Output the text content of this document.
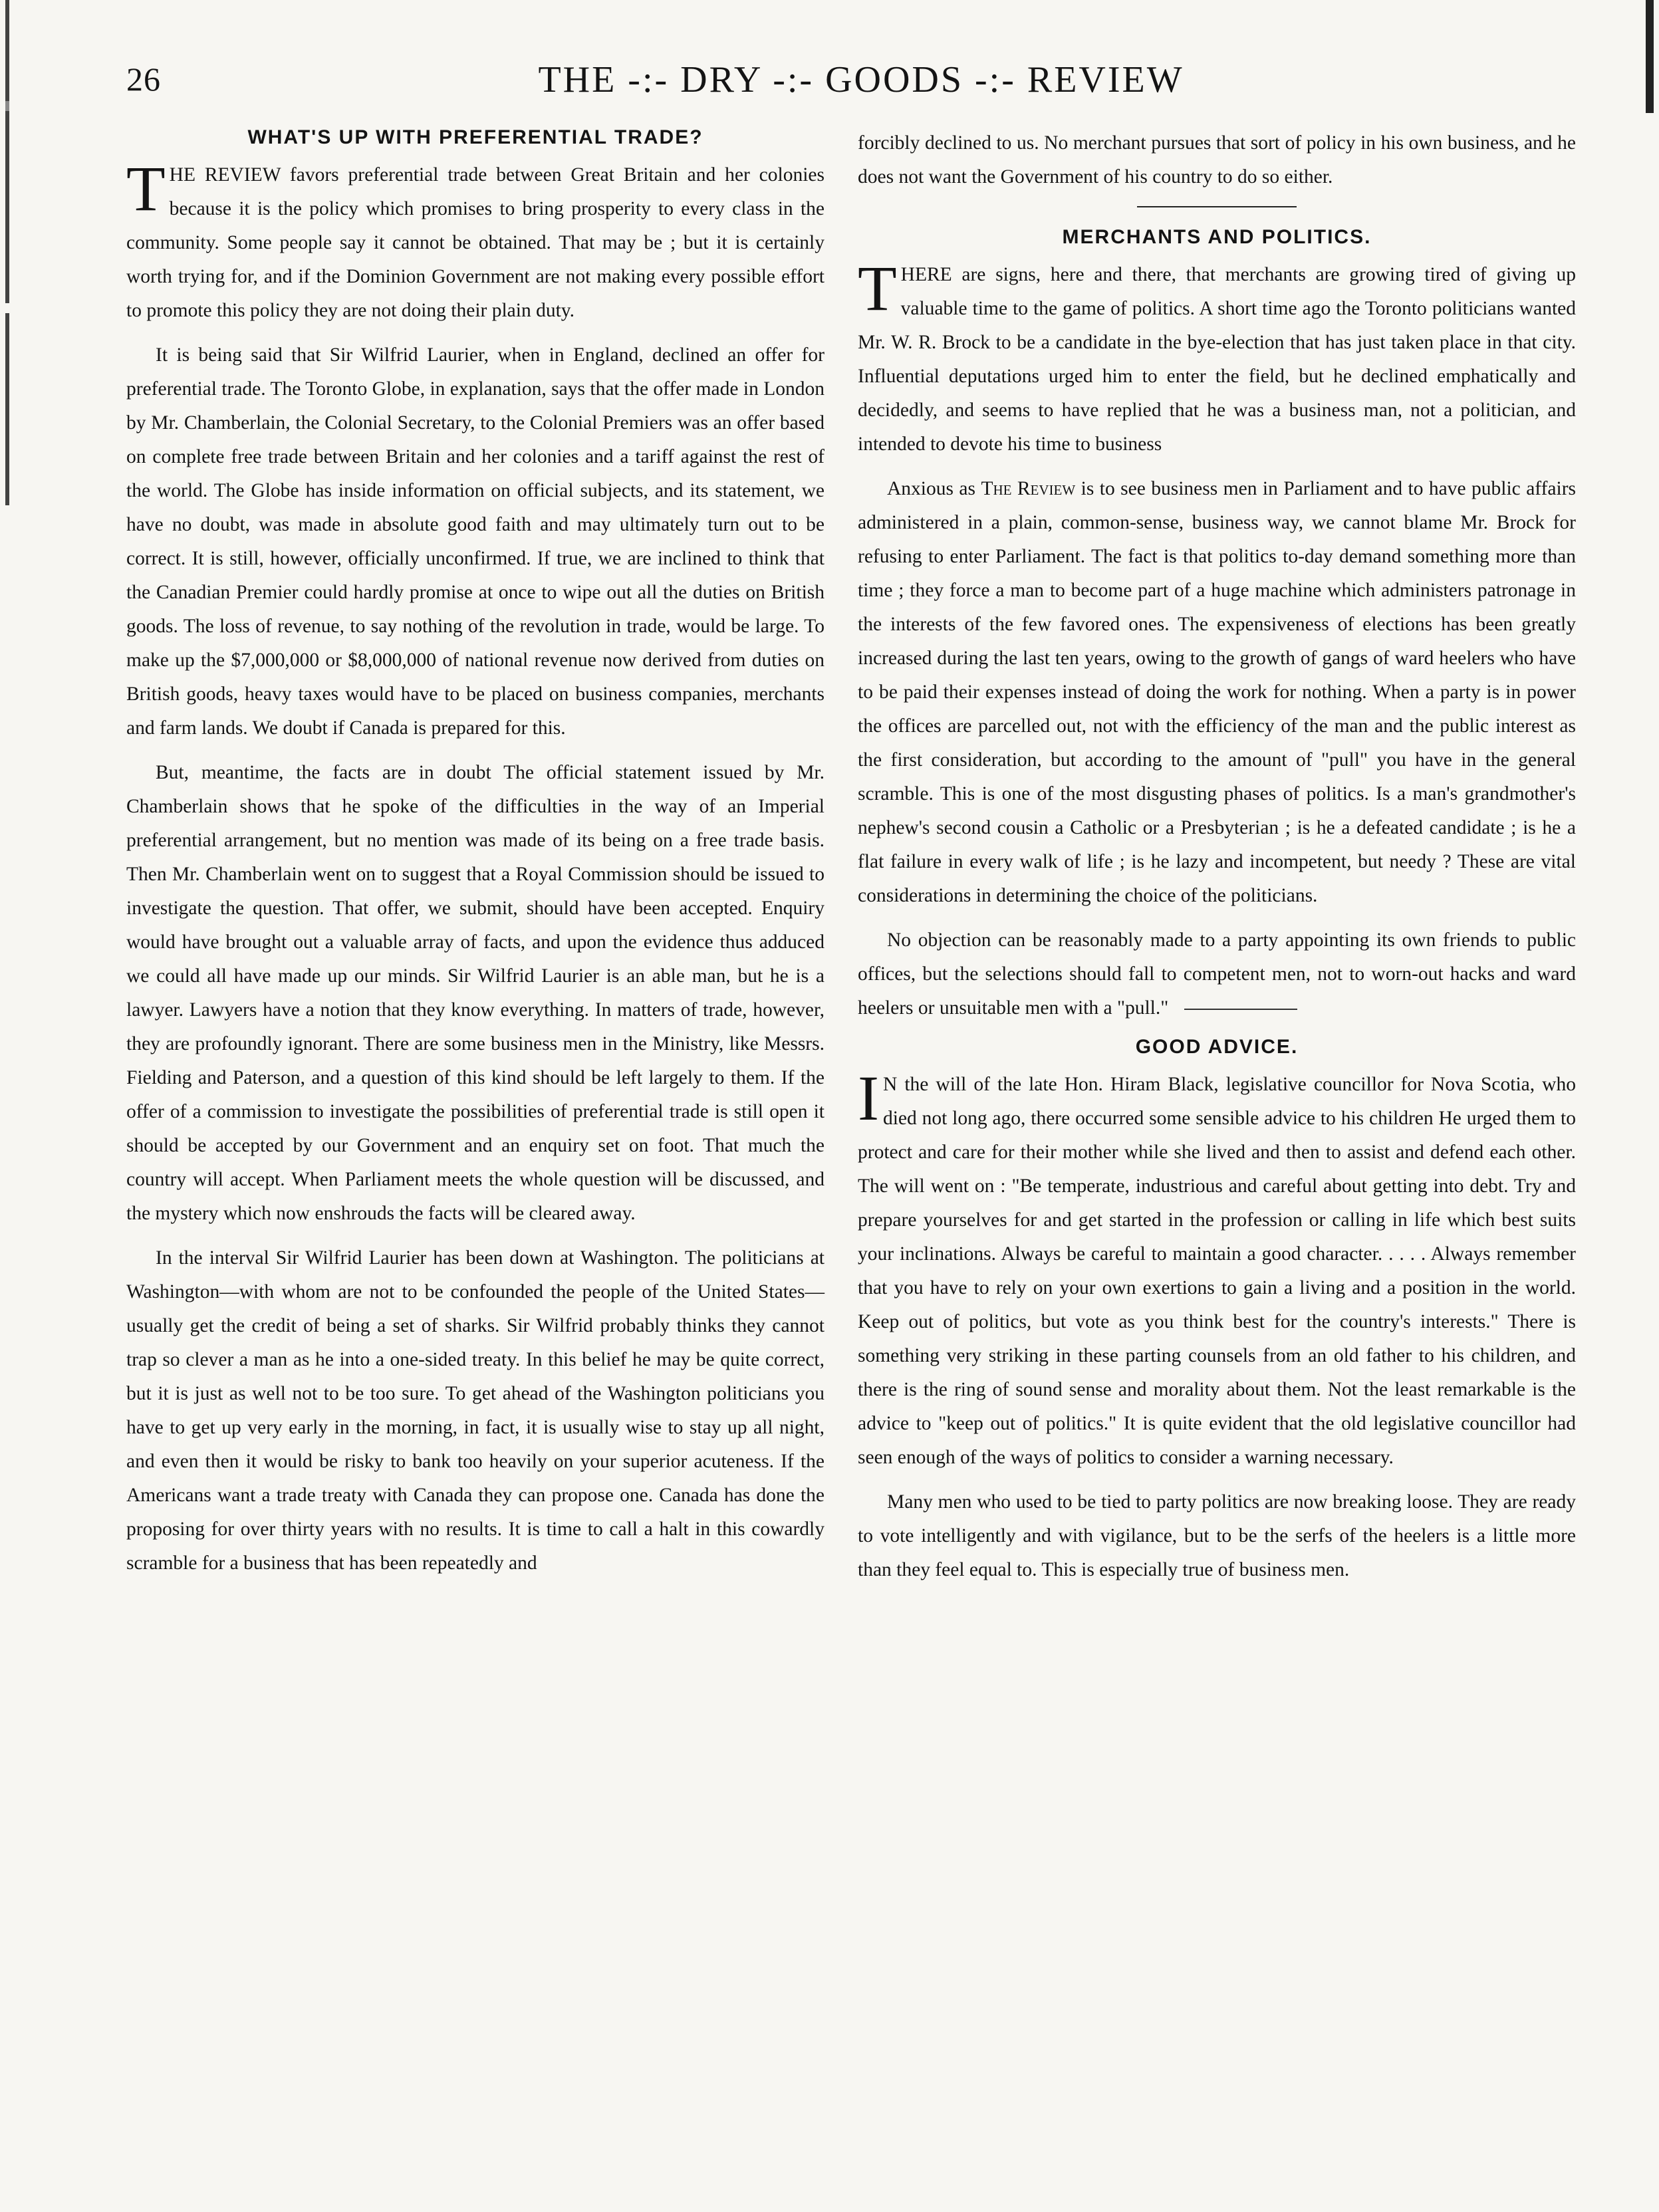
26	THE -:- DRY -:- GOODS -:- REVIEW
WHAT'S UP WITH PREFERENTIAL TRADE?

THE REVIEW favors preferential trade between Great Britain and her colonies because it is the policy which promises to bring prosperity to every class in the community. Some people say it cannot be obtained. That may be ; but it is certainly worth trying for, and if the Dominion Government are not making every possible effort to promote this policy they are not doing their plain duty.

It is being said that Sir Wilfrid Laurier, when in England, declined an offer for preferential trade. The Toronto Globe, in explanation, says that the offer made in London by Mr. Chamberlain, the Colonial Secretary, to the Colonial Premiers was an offer based on complete free trade between Britain and her colonies and a tariff against the rest of the world. The Globe has inside information on official subjects, and its statement, we have no doubt, was made in absolute good faith and may ultimately turn out to be correct. It is still, however, officially unconfirmed. If true, we are inclined to think that the Canadian Premier could hardly promise at once to wipe out all the duties on British goods. The loss of revenue, to say nothing of the revolution in trade, would be large. To make up the $7,000,000 or $8,000,000 of national revenue now derived from duties on British goods, heavy taxes would have to be placed on business companies, merchants and farm lands. We doubt if Canada is prepared for this.

But, meantime, the facts are in doubt The official statement issued by Mr. Chamberlain shows that he spoke of the difficulties in the way of an Imperial preferential arrangement, but no mention was made of its being on a free trade basis. Then Mr. Chamberlain went on to suggest that a Royal Commission should be issued to investigate the question. That offer, we submit, should have been accepted. Enquiry would have brought out a valuable array of facts, and upon the evidence thus adduced we could all have made up our minds. Sir Wilfrid Laurier is an able man, but he is a lawyer. Lawyers have a notion that they know everything. In matters of trade, however, they are profoundly ignorant. There are some business men in the Ministry, like Messrs. Fielding and Paterson, and a question of this kind should be left largely to them. If the offer of a commission to investigate the possibilities of preferential trade is still open it should be accepted by our Government and an enquiry set on foot. That much the country will accept. When Parliament meets the whole question will be discussed, and the mystery which now enshrouds the facts will be cleared away.

In the interval Sir Wilfrid Laurier has been down at Washington. The politicians at Washington—with whom are not to be confounded the people of the United States—usually get the credit of being a set of sharks. Sir Wilfrid probably thinks they cannot trap so clever a man as he into a one-sided treaty. In this belief he may be quite correct, but it is just as well not to be too sure. To get ahead of the Washington politicians you have to get up very early in the morning, in fact, it is usually wise to stay up all night, and even then it would be risky to bank too heavily on your superior acuteness. If the Americans want a trade treaty with Canada they can propose one. Canada has done the proposing for over thirty years with no results. It is time to call a halt in this cowardly scramble for a business that has been repeatedly and

forcibly declined to us. No merchant pursues that sort of policy in his own business, and he does not want the Government of his country to do so either.

MERCHANTS AND POLITICS.

THERE are signs, here and there, that merchants are growing tired of giving up valuable time to the game of politics. A short time ago the Toronto politicians wanted Mr. W. R. Brock to be a candidate in the bye-election that has just taken place in that city. Influential deputations urged him to enter the field, but he declined emphatically and decidedly, and seems to have replied that he was a business man, not a politician, and intended to devote his time to business

Anxious as The Review is to see business men in Parliament and to have public affairs administered in a plain, common-sense, business way, we cannot blame Mr. Brock for refusing to enter Parliament. The fact is that politics to-day demand something more than time ; they force a man to become part of a huge machine which administers patronage in the interests of the few favored ones. The expensiveness of elections has been greatly increased during the last ten years, owing to the growth of gangs of ward heelers who have to be paid their expenses instead of doing the work for nothing. When a party is in power the offices are parcelled out, not with the efficiency of the man and the public interest as the first consideration, but according to the amount of "pull" you have in the general scramble. This is one of the most disgusting phases of politics. Is a man's grandmother's nephew's second cousin a Catholic or a Presbyterian ; is he a defeated candidate ; is he a flat failure in every walk of life ; is he lazy and incompetent, but needy ? These are vital considerations in determining the choice of the politicians.

No objection can be reasonably made to a party appointing its own friends to public offices, but the selections should fall to competent men, not to worn-out hacks and ward heelers or unsuitable men with a "pull."

GOOD ADVICE.

I N the will of the late Hon. Hiram Black, legislative councillor for Nova Scotia, who died not long ago, there occurred some sensible advice to his children He urged them to protect and care for their mother while she lived and then to assist and defend each other. The will went on : "Be temperate, industrious and careful about getting into debt. Try and prepare yourselves for and get started in the profession or calling in life which best suits your inclinations. Always be careful to maintain a good character. . . . . Always remember that you have to rely on your own exertions to gain a living and a position in the world. Keep out of politics, but vote as you think best for the country's interests." There is something very striking in these parting counsels from an old father to his children, and there is the ring of sound sense and morality about them. Not the least remarkable is the advice to "keep out of politics." It is quite evident that the old legislative councillor had seen enough of the ways of politics to consider a warning necessary.

Many men who used to be tied to party politics are now breaking loose. They are ready to vote intelligently and with vigilance, but to be the serfs of the heelers is a little more than they feel equal to. This is especially true of business men.
